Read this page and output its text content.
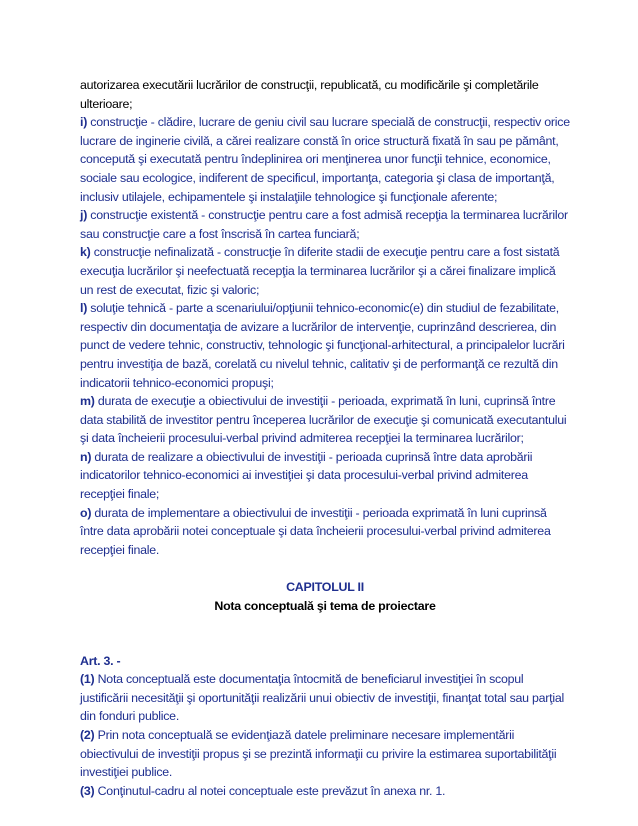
autorizarea executării lucrărilor de construcţii, republicată, cu modificările şi completările ulterioare;

i) construcţie - clădire, lucrare de geniu civil sau lucrare specială de construcţii, respectiv orice lucrare de inginerie civilă, a cărei realizare constă în orice structură fixată în sau pe pământ, concepută şi executată pentru îndeplinirea ori menţinerea unor funcţii tehnice, economice, sociale sau ecologice, indiferent de specificul, importanţa, categoria şi clasa de importanţă, inclusiv utilajele, echipamentele şi instalaţiile tehnologice şi funcţionale aferente;

j) construcţie existentă - construcţie pentru care a fost admisă recepţia la terminarea lucrărilor sau construcţie care a fost înscrisă în cartea funciară;

k) construcţie nefinalizată - construcţie în diferite stadii de execuţie pentru care a fost sistată execuţia lucrărilor şi neefectuată recepţia la terminarea lucrărilor şi a cărei finalizare implică un rest de executat, fizic şi valoric;

l) soluţie tehnică - parte a scenariului/opţiunii tehnico-economic(e) din studiul de fezabilitate, respectiv din documentaţia de avizare a lucrărilor de intervenţie, cuprinzând descrierea, din punct de vedere tehnic, constructiv, tehnologic şi funcţional-arhitectural, a principalelor lucrări pentru investiţia de bază, corelată cu nivelul tehnic, calitativ şi de performanţă ce rezultă din indicatorii tehnico-economici propuşi;

m) durata de execuţie a obiectivului de investiţii - perioada, exprimată în luni, cuprinsă între data stabilită de investitor pentru începerea lucrărilor de execuţie şi comunicată executantului şi data încheierii procesului-verbal privind admiterea recepţiei la terminarea lucrărilor;

n) durata de realizare a obiectivului de investiţii - perioada cuprinsă între data aprobării indicatorilor tehnico-economici ai investiţiei şi data procesului-verbal privind admiterea recepţiei finale;

o) durata de implementare a obiectivului de investiţii - perioada exprimată în luni cuprinsă între data aprobării notei conceptuale şi data încheierii procesului-verbal privind admiterea recepţiei finale.

CAPITOLUL II

Nota conceptuală şi tema de proiectare

Art. 3. -

(1) Nota conceptuală este documentaţia întocmită de beneficiarul investiţiei în scopul justificării necesităţii şi oportunităţii realizării unui obiectiv de investiţii, finanţat total sau parţial din fonduri publice.

(2) Prin nota conceptuală se evidenţiază datele preliminare necesare implementării obiectivului de investiţii propus şi se prezintă informaţii cu privire la estimarea suportabilităţii investiţiei publice.

(3) Conţinutul-cadru al notei conceptuale este prevăzut în anexa nr. 1.
